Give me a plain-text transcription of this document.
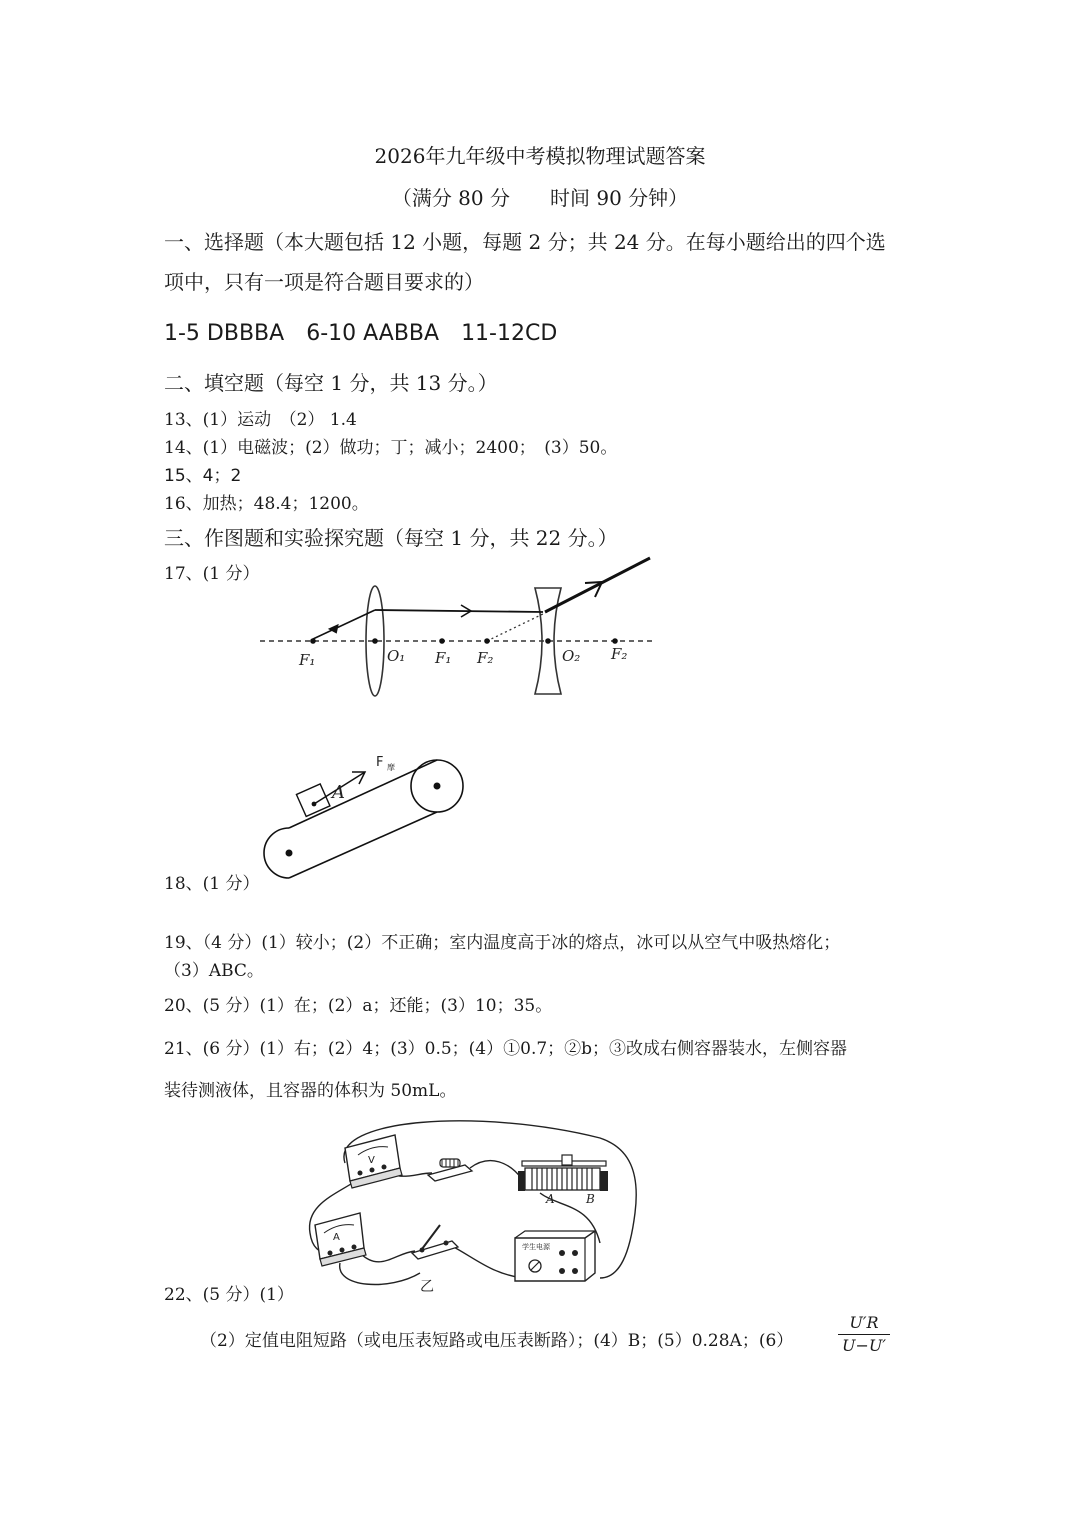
2026年九年级中考模拟物理试题答案
（满分 80 分　　时间 90 分钟）
一、选择题（本大题包括 12 小题，每题 2 分；共 24 分。在每小题给出的四个选
项中，只有一项是符合题目要求的）
1-5 DBBBA　6-10 AABBA　11-12CD
二、填空题（每空 1 分，共 13 分。）
13、(1）运动　（2） 1.4
14、(1）电磁波；(2）做功；丁；减小；2400；　(3）50。
15、4；2
16、加热；48.4；1200。
三、作图题和实验探究题（每空 1 分，共 22 分。）
17、(1 分）
F₁	O₁ F₁ F₂	O₂ F₂
A
F 摩
18、(1 分）
19、（4 分）(1）较小；(2）不正确；室内温度高于冰的熔点，冰可以从空气中吸热熔化；
（3）ABC。
20、(5 分）(1）在；(2）a；还能；(3）10；35。
21、(6 分）(1）右；(2）4；(3）0.5；(4）①0.7；②b；③改成右侧容器装水，左侧容器
装待测液体，且容器的体积为 50mL。
V
A	B
A
乙
学生电源
22、(5 分）(1）
（2）定值电阻短路（或电压表短路或电压表断路）；(4）B；(5）0.28A；(6）	$\frac{U'R}{U-U'}$
